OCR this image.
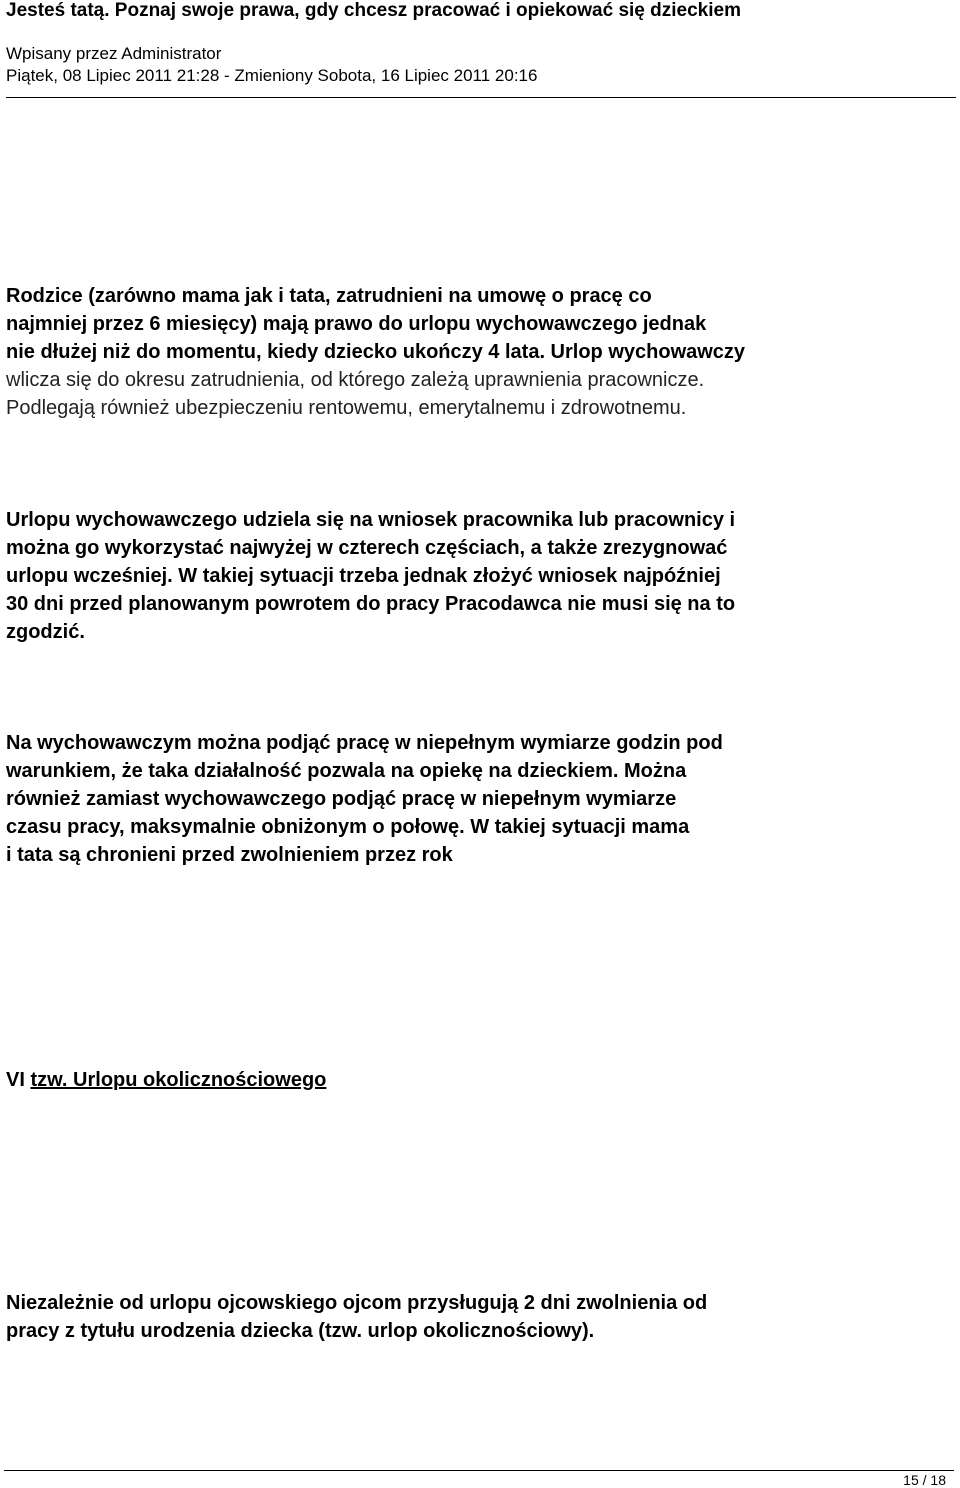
Jesteś tatą. Poznaj swoje prawa, gdy chcesz pracować i opiekować się dzieckiem
Wpisany przez Administrator
Piątek, 08 Lipiec 2011 21:28 - Zmieniony Sobota, 16 Lipiec 2011 20:16
Rodzice (zarówno mama jak i tata, zatrudnieni na umowę o pracę co
najmniej przez 6 miesięcy) mają prawo do urlopu wychowawczego jednak
nie dłużej niż do momentu, kiedy dziecko ukończy 4 lata. Urlop wychowawczy
wlicza się do okresu zatrudnienia, od którego zależą uprawnienia pracownicze.
Podlegają również ubezpieczeniu rentowemu, emerytalnemu i zdrowotnemu.
Urlopu wychowawczego udziela się na wniosek pracownika lub pracownicy i
można go wykorzystać najwyżej w czterech częściach, a także zrezygnować
urlopu wcześniej. W takiej sytuacji trzeba jednak złożyć wniosek najpóźniej
30 dni przed planowanym powrotem do pracy Pracodawca nie musi się na to
zgodzić.
Na wychowawczym można podjąć pracę w niepełnym wymiarze godzin pod
warunkiem, że taka działalność pozwala na opiekę na dzieckiem. Można
również zamiast wychowawczego podjąć pracę w niepełnym wymiarze
czasu pracy, maksymalnie obniżonym o połowę. W takiej sytuacji mama
i tata są chronieni przed zwolnieniem przez rok
VI tzw. Urlopu okolicznościowego
Niezależnie od urlopu ojcowskiego ojcom przysługują 2 dni zwolnienia od
pracy z tytułu urodzenia dziecka (tzw. urlop okolicznościowy).
15 / 18
